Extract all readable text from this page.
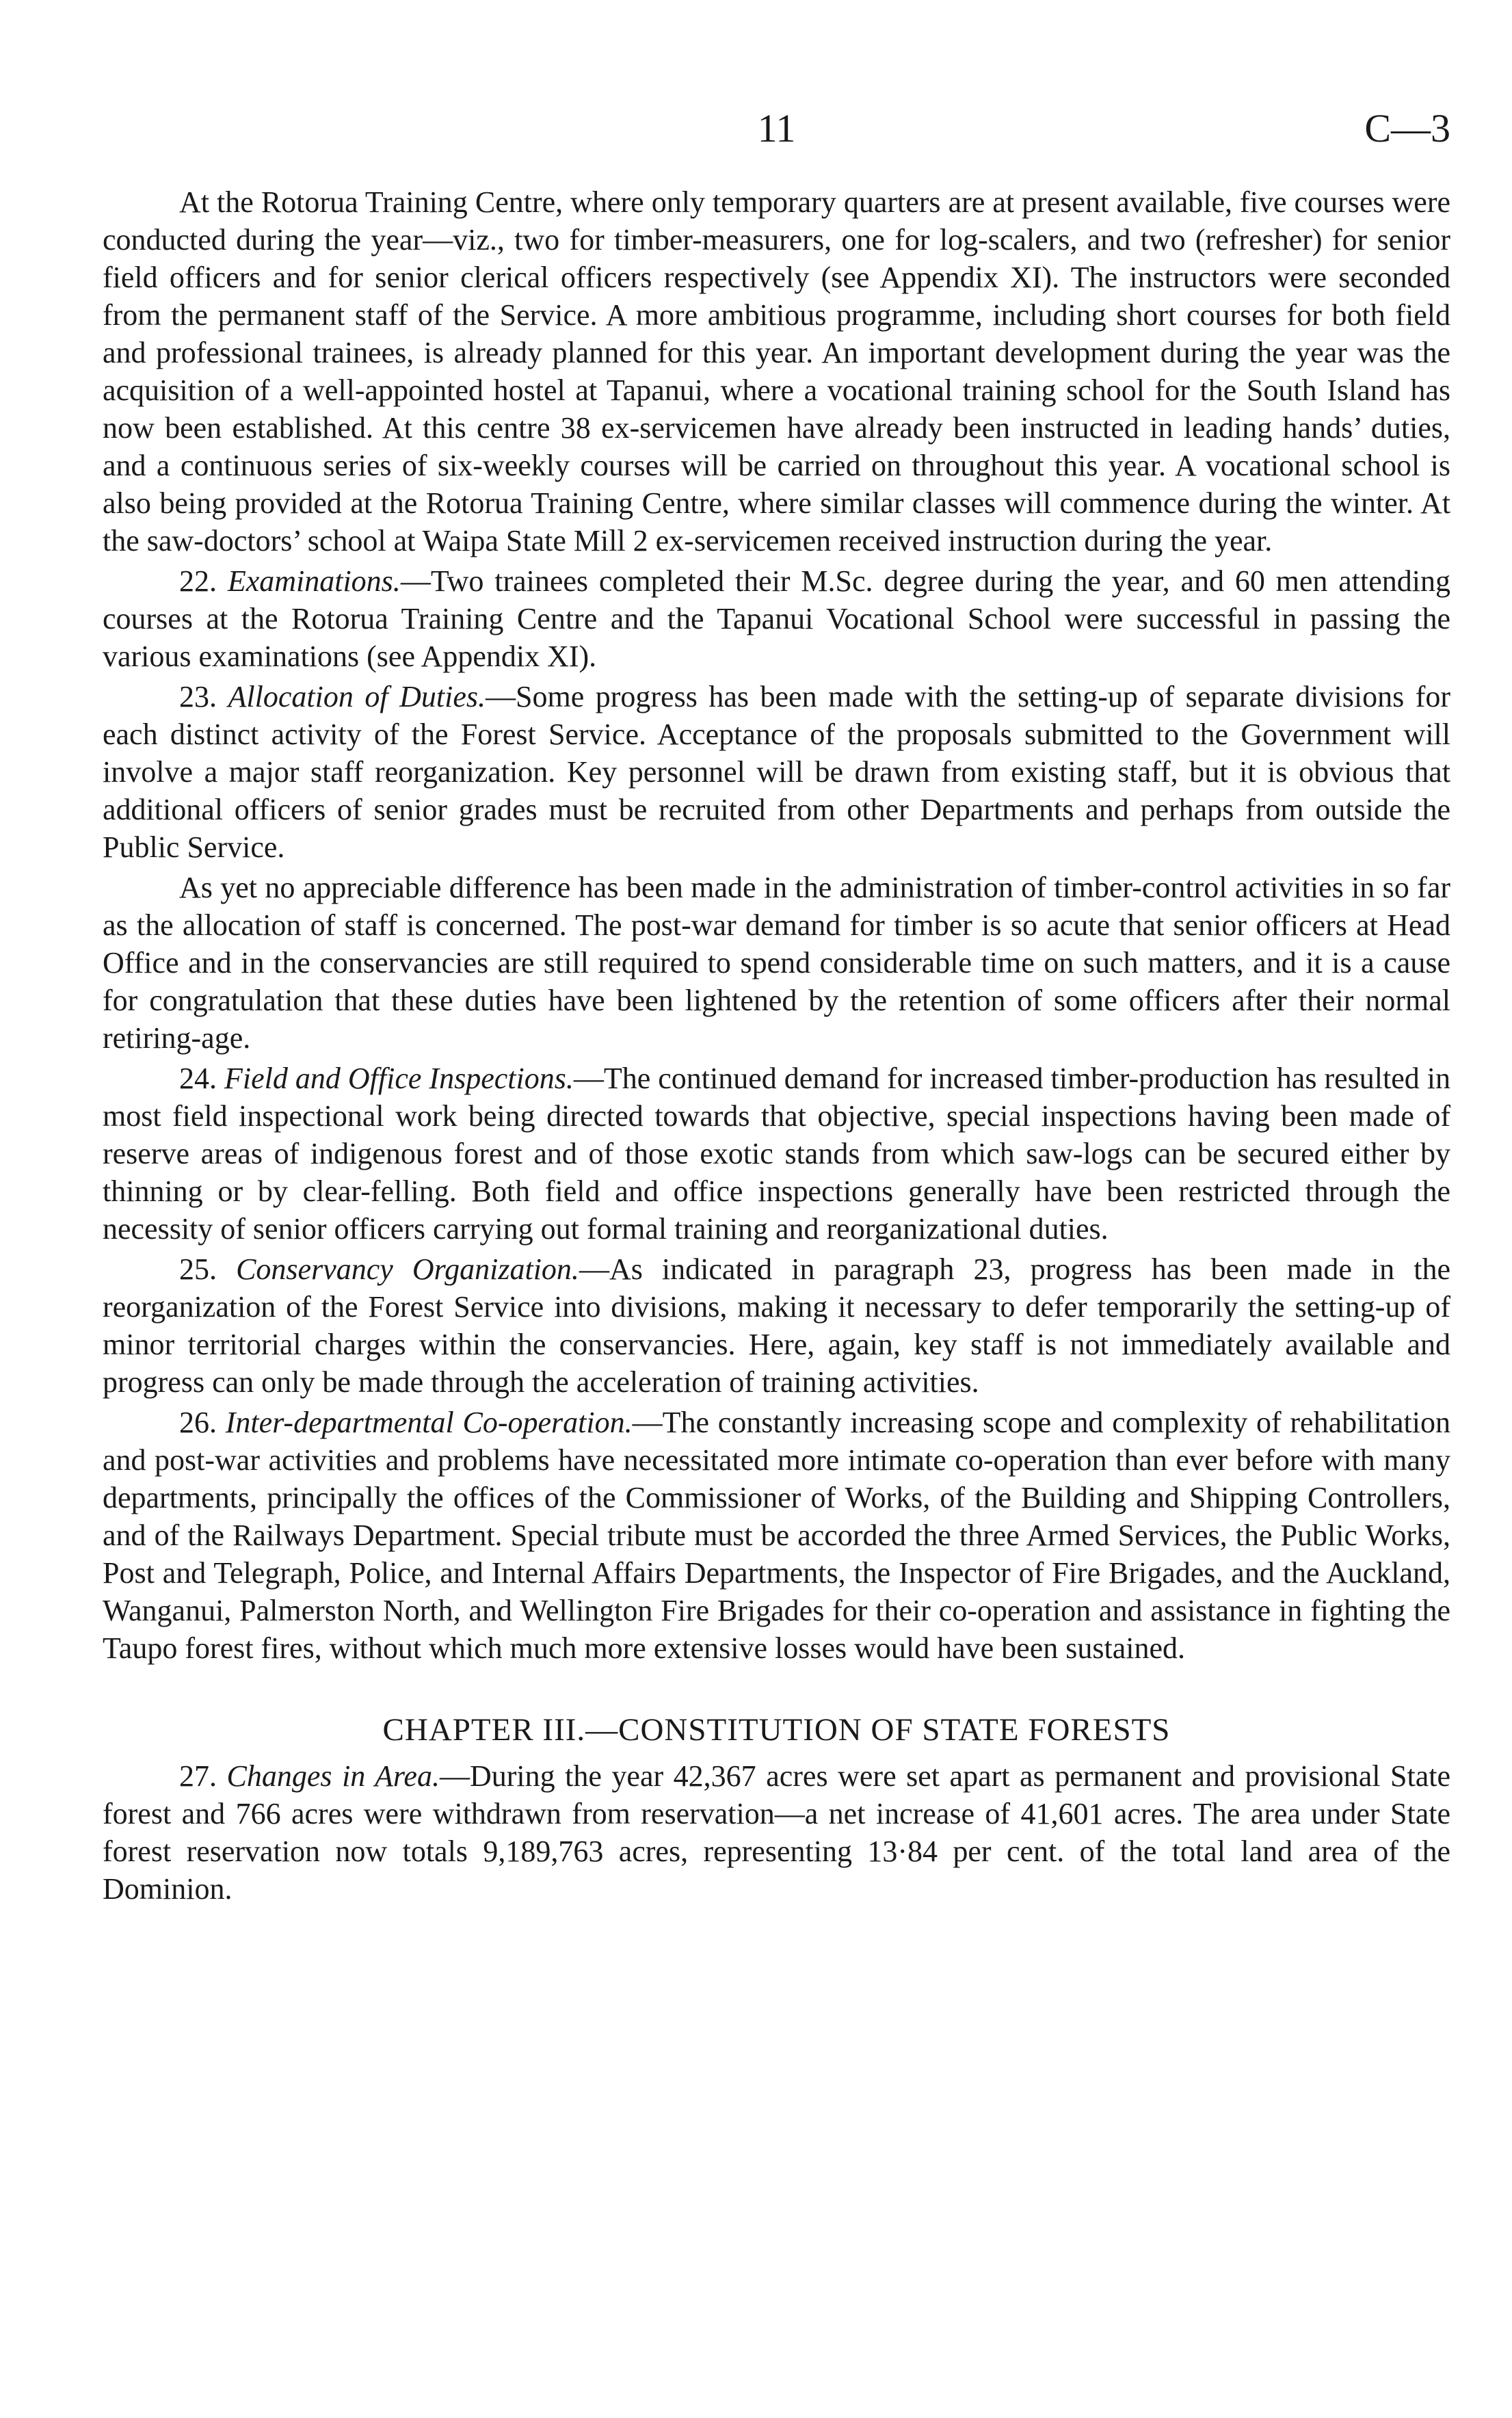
11	C—3

At the Rotorua Training Centre, where only temporary quarters are at present available, five courses were conducted during the year—viz., two for timber-measurers, one for log-scalers, and two (refresher) for senior field officers and for senior clerical officers respectively (see Appendix XI). The instructors were seconded from the permanent staff of the Service. A more ambitious programme, including short courses for both field and professional trainees, is already planned for this year. An important development during the year was the acquisition of a well-appointed hostel at Tapanui, where a vocational training school for the South Island has now been established. At this centre 38 ex-servicemen have already been instructed in leading hands’ duties, and a continuous series of six-weekly courses will be carried on throughout this year. A vocational school is also being provided at the Rotorua Training Centre, where similar classes will commence during the winter. At the saw-doctors’ school at Waipa State Mill 2 ex-servicemen received instruction during the year.

22. Examinations.—Two trainees completed their M.Sc. degree during the year, and 60 men attending courses at the Rotorua Training Centre and the Tapanui Vocational School were successful in passing the various examinations (see Appendix XI).

23. Allocation of Duties.—Some progress has been made with the setting-up of separate divisions for each distinct activity of the Forest Service. Acceptance of the proposals submitted to the Government will involve a major staff reorganization. Key personnel will be drawn from existing staff, but it is obvious that additional officers of senior grades must be recruited from other Departments and perhaps from outside the Public Service.

As yet no appreciable difference has been made in the administration of timber-control activities in so far as the allocation of staff is concerned. The post-war demand for timber is so acute that senior officers at Head Office and in the conservancies are still required to spend considerable time on such matters, and it is a cause for congratulation that these duties have been lightened by the retention of some officers after their normal retiring-age.

24. Field and Office Inspections.—The continued demand for increased timber-production has resulted in most field inspectional work being directed towards that objective, special inspections having been made of reserve areas of indigenous forest and of those exotic stands from which saw-logs can be secured either by thinning or by clear-felling. Both field and office inspections generally have been restricted through the necessity of senior officers carrying out formal training and reorganizational duties.

25. Conservancy Organization.—As indicated in paragraph 23, progress has been made in the reorganization of the Forest Service into divisions, making it necessary to defer temporarily the setting-up of minor territorial charges within the conservancies. Here, again, key staff is not immediately available and progress can only be made through the acceleration of training activities.

26. Inter-departmental Co-operation.—The constantly increasing scope and complexity of rehabilitation and post-war activities and problems have necessitated more intimate co-operation than ever before with many departments, principally the offices of the Commissioner of Works, of the Building and Shipping Controllers, and of the Railways Department. Special tribute must be accorded the three Armed Services, the Public Works, Post and Telegraph, Police, and Internal Affairs Departments, the Inspector of Fire Brigades, and the Auckland, Wanganui, Palmerston North, and Wellington Fire Brigades for their co-operation and assistance in fighting the Taupo forest fires, without which much more extensive losses would have been sustained.

CHAPTER III.—CONSTITUTION OF STATE FORESTS

27. Changes in Area.—During the year 42,367 acres were set apart as permanent and provisional State forest and 766 acres were withdrawn from reservation—a net increase of 41,601 acres. The area under State forest reservation now totals 9,189,763 acres, representing 13·84 per cent. of the total land area of the Dominion.
